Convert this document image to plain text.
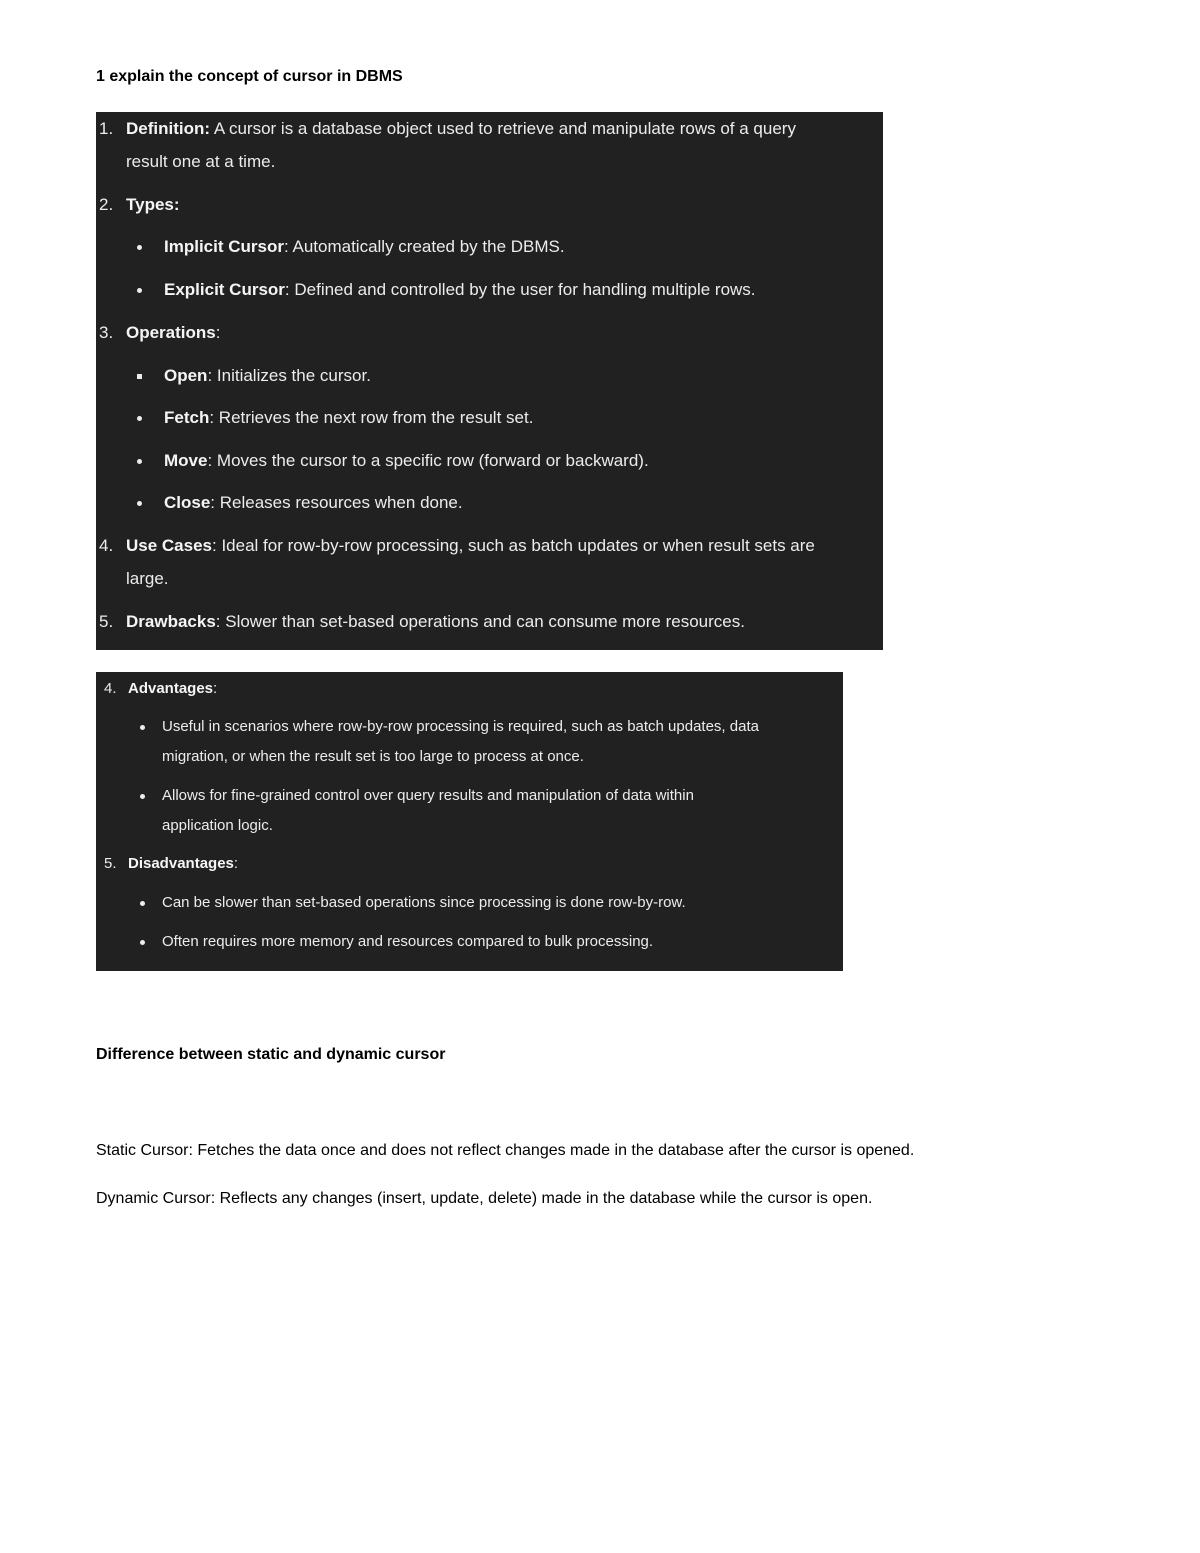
1 explain the concept of cursor in DBMS
1. Definition: A cursor is a database object used to retrieve and manipulate rows of a query
result one at a time.
2. Types:
Implicit Cursor: Automatically created by the DBMS.
Explicit Cursor: Defined and controlled by the user for handling multiple rows.
3. Operations:
Open: Initializes the cursor.
Fetch: Retrieves the next row from the result set.
Move: Moves the cursor to a specific row (forward or backward).
Close: Releases resources when done.
4. Use Cases: Ideal for row-by-row processing, such as batch updates or when result sets are
large.
5. Drawbacks: Slower than set-based operations and can consume more resources.
4. Advantages:
Useful in scenarios where row-by-row processing is required, such as batch updates, data
migration, or when the result set is too large to process at once.
Allows for fine-grained control over query results and manipulation of data within
application logic.
5. Disadvantages:
Can be slower than set-based operations since processing is done row-by-row.
Often requires more memory and resources compared to bulk processing.
Difference between static and dynamic cursor
Static Cursor: Fetches the data once and does not reflect changes made in the database after the cursor is opened.
Dynamic Cursor: Reflects any changes (insert, update, delete) made in the database while the cursor is open.
